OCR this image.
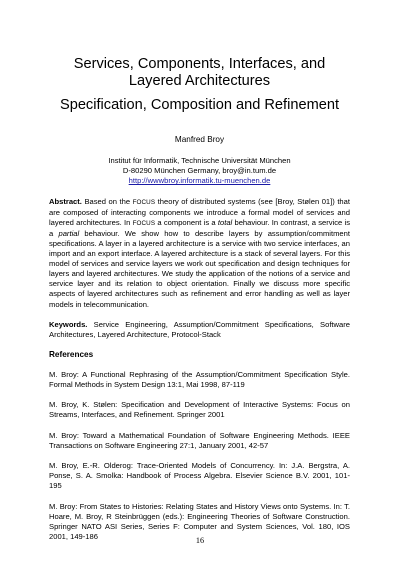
Services, Components, Interfaces, and
Layered Architectures
Specification, Composition and Refinement
Manfred Broy
Institut für Informatik, Technische Universität München
D-80290 München Germany, broy@in.tum.de
http://wwwbroy.informatik.tu-muenchen.de
Abstract. Based on the FOCUS theory of distributed systems (see [Broy, Stølen 01]) that are composed of interacting components we introduce a formal model of services and layered architectures. In FOCUS a component is a total behaviour. In contrast, a service is a partial behaviour. We show how to describe layers by assumption/commitment specifications. A layer in a layered architecture is a service with two service interfaces, an import and an export interface. A layered architecture is a stack of several layers. For this model of services and service layers we work out specification and design techniques for layers and layered architectures. We study the application of the notions of a service and service layer and its relation to object orientation. Finally we discuss more specific aspects of layered architectures such as refinement and error handling as well as layer models in telecommunication.
Keywords. Service Engineering, Assumption/Commitment Specifications, Software Architectures, Layered Architecture, Protocol-Stack
References
M. Broy: A Functional Rephrasing of the Assumption/Commitment Specification Style. Formal Methods in System Design 13:1, Mai 1998, 87-119
M. Broy, K. Stølen: Specification and Development of Interactive Systems: Focus on Streams, Interfaces, and Refinement. Springer 2001
M. Broy: Toward a Mathematical Foundation of Software Engineering Methods. IEEE Transactions on Software Engineering 27:1, January 2001, 42-57
M. Broy, E.-R. Olderog: Trace-Oriented Models of Concurrency. In: J.A. Bergstra, A. Ponse, S. A. Smolka: Handbook of Process Algebra. Elsevier Science B.V. 2001, 101-195
M. Broy: From States to Histories: Relating States and History Views onto Systems. In: T. Hoare, M. Broy, R Steinbrüggen (eds.): Engineering Theories of Software Construction. Springer NATO ASI Series, Series F: Computer and System Sciences, Vol. 180, IOS 2001, 149-186	16
